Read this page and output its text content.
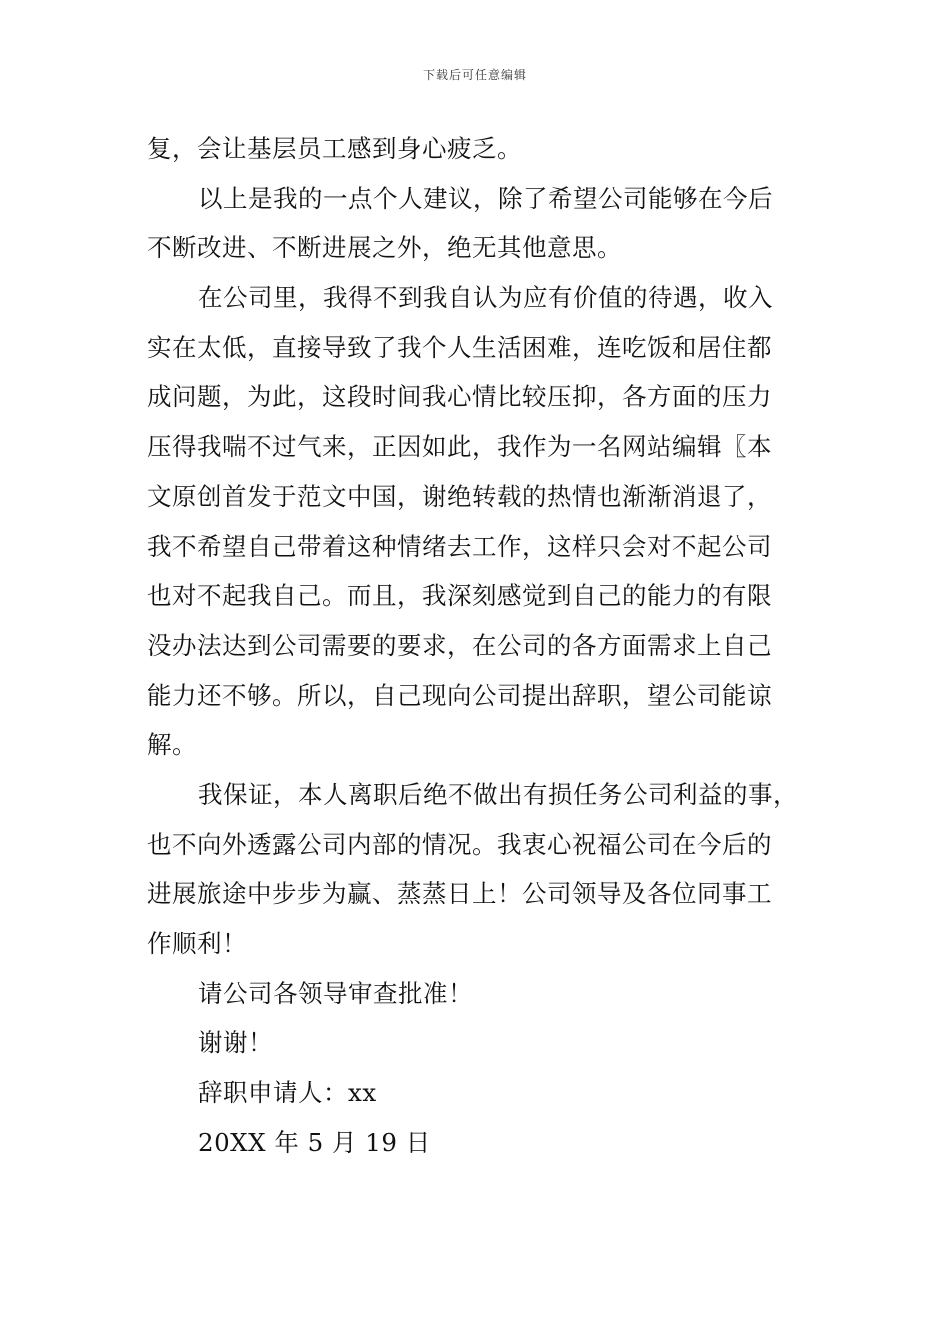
下载后可任意编辑
复，会让基层员工感到身心疲乏。
以上是我的一点个人建议，除了希望公司能够在今后
不断改进、不断进展之外，绝无其他意思。
在公司里，我得不到我自认为应有价值的待遇，收入
实在太低，直接导致了我个人生活困难，连吃饭和居住都
成问题，为此，这段时间我心情比较压抑，各方面的压力
压得我喘不过气来，正因如此，我作为一名网站编辑〖本
文原创首发于范文中国，谢绝转载的热情也渐渐消退了，
我不希望自己带着这种情绪去工作，这样只会对不起公司
也对不起我自己。而且，我深刻感觉到自己的能力的有限
没办法达到公司需要的要求，在公司的各方面需求上自己
能力还不够。所以，自己现向公司提出辞职，望公司能谅
解。
我保证，本人离职后绝不做出有损任务公司利益的事，
也不向外透露公司内部的情况。我衷心祝福公司在今后的
进展旅途中步步为赢、蒸蒸日上！公司领导及各位同事工
作顺利！
请公司各领导审查批准！
谢谢！
辞职申请人：xx
20XX 年 5 月 19 日
